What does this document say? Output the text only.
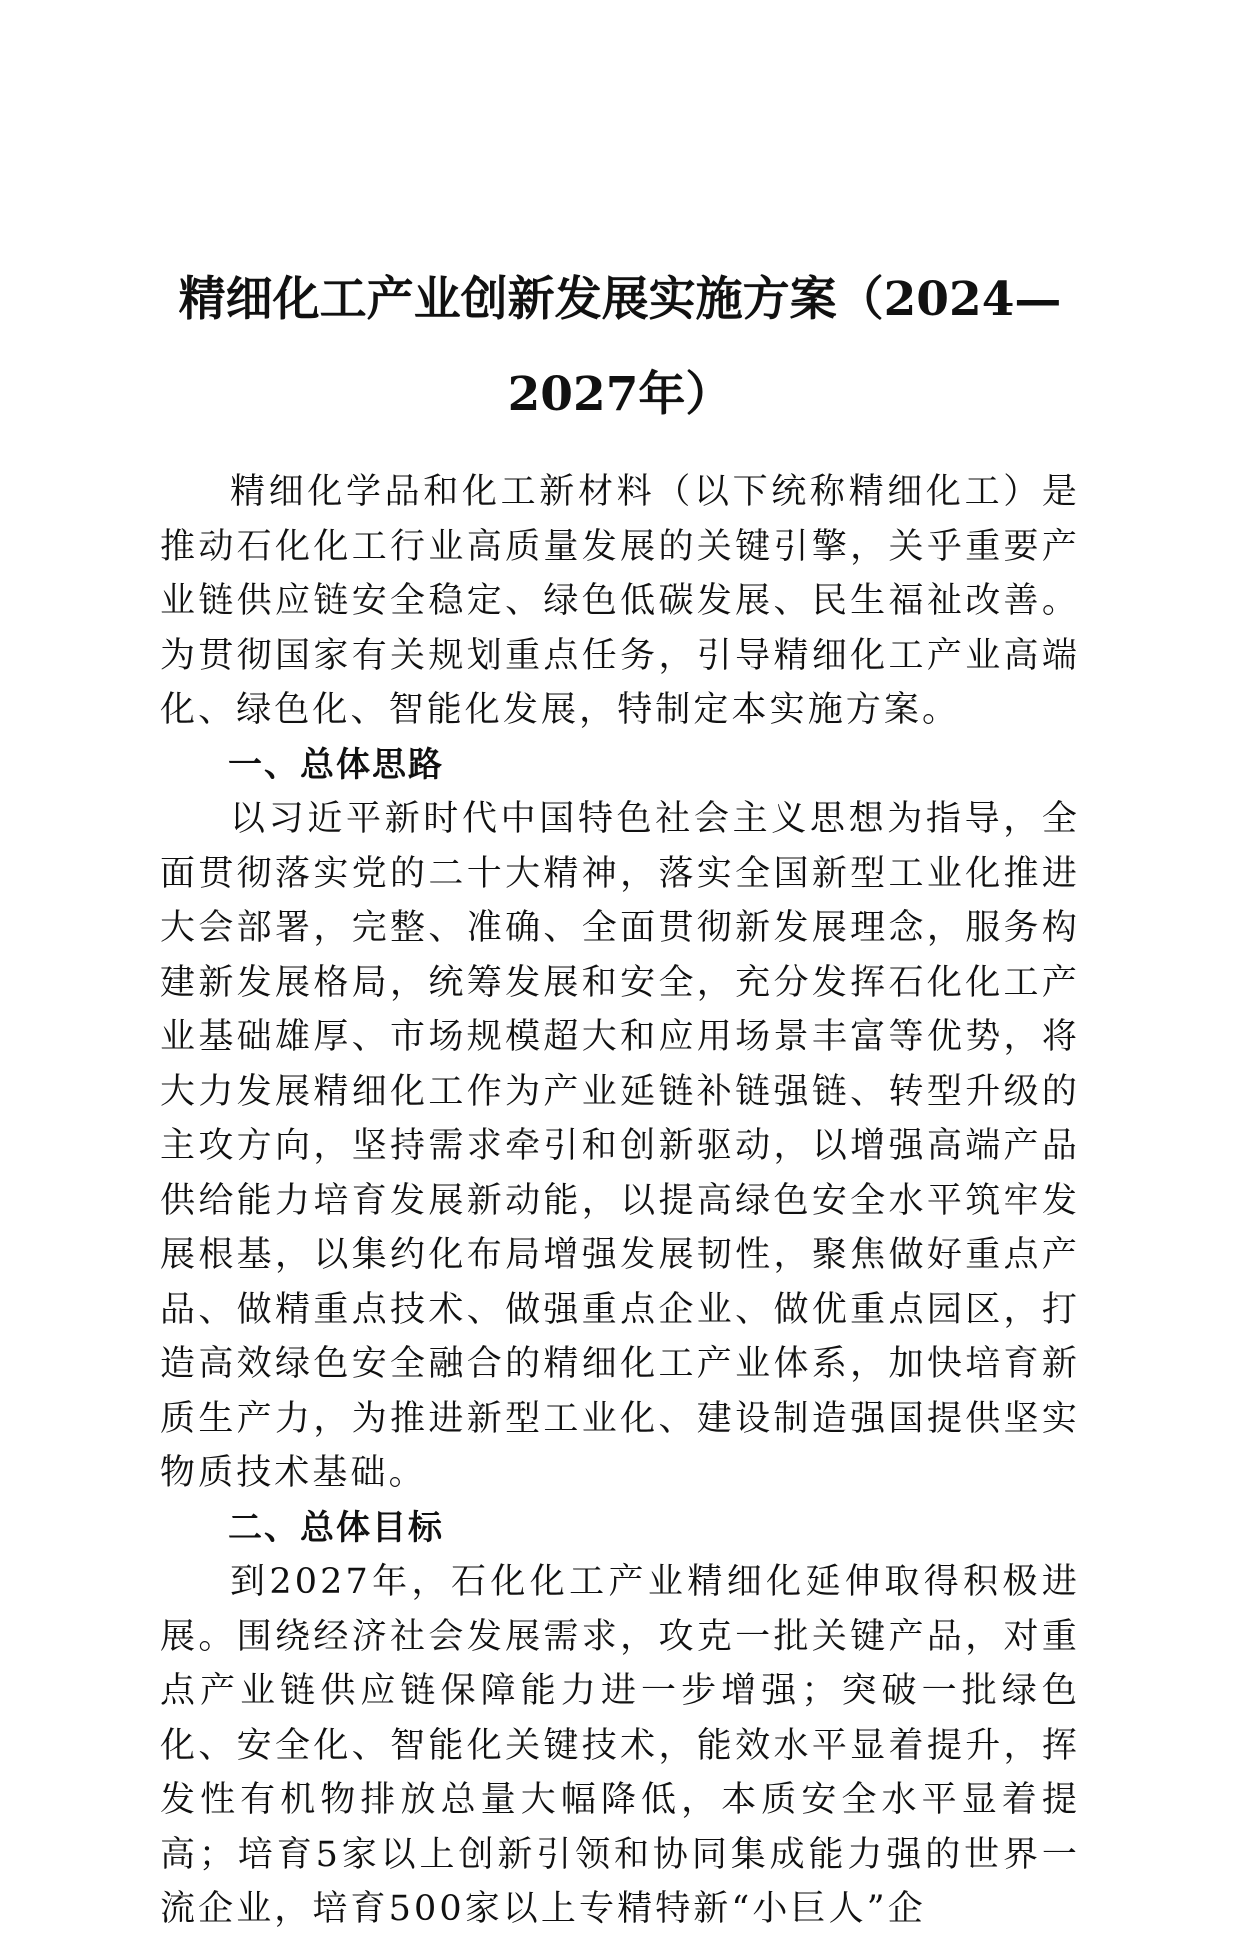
精细化工产业创新发展实施方案（2024—2027年）

精细化学品和化工新材料（以下统称精细化工）是推动石化化工行业高质量发展的关键引擎，关乎重要产业链供应链安全稳定、绿色低碳发展、民生福祉改善。为贯彻国家有关规划重点任务，引导精细化工产业高端化、绿色化、智能化发展，特制定本实施方案。

一、总体思路

以习近平新时代中国特色社会主义思想为指导，全面贯彻落实党的二十大精神，落实全国新型工业化推进大会部署，完整、准确、全面贯彻新发展理念，服务构建新发展格局，统筹发展和安全，充分发挥石化化工产业基础雄厚、市场规模超大和应用场景丰富等优势，将大力发展精细化工作为产业延链补链强链、转型升级的主攻方向，坚持需求牵引和创新驱动，以增强高端产品供给能力培育发展新动能，以提高绿色安全水平筑牢发展根基，以集约化布局增强发展韧性，聚焦做好重点产品、做精重点技术、做强重点企业、做优重点园区，打造高效绿色安全融合的精细化工产业体系，加快培育新质生产力，为推进新型工业化、建设制造强国提供坚实物质技术基础。

二、总体目标

到2027年，石化化工产业精细化延伸取得积极进展。围绕经济社会发展需求，攻克一批关键产品，对重点产业链供应链保障能力进一步增强；突破一批绿色化、安全化、智能化关键技术，能效水平显着提升，挥发性有机物排放总量大幅降低，本质安全水平显着提高；培育5家以上创新引领和协同集成能力强的世界一流企业，培育500家以上专精特新“小巨人”企
